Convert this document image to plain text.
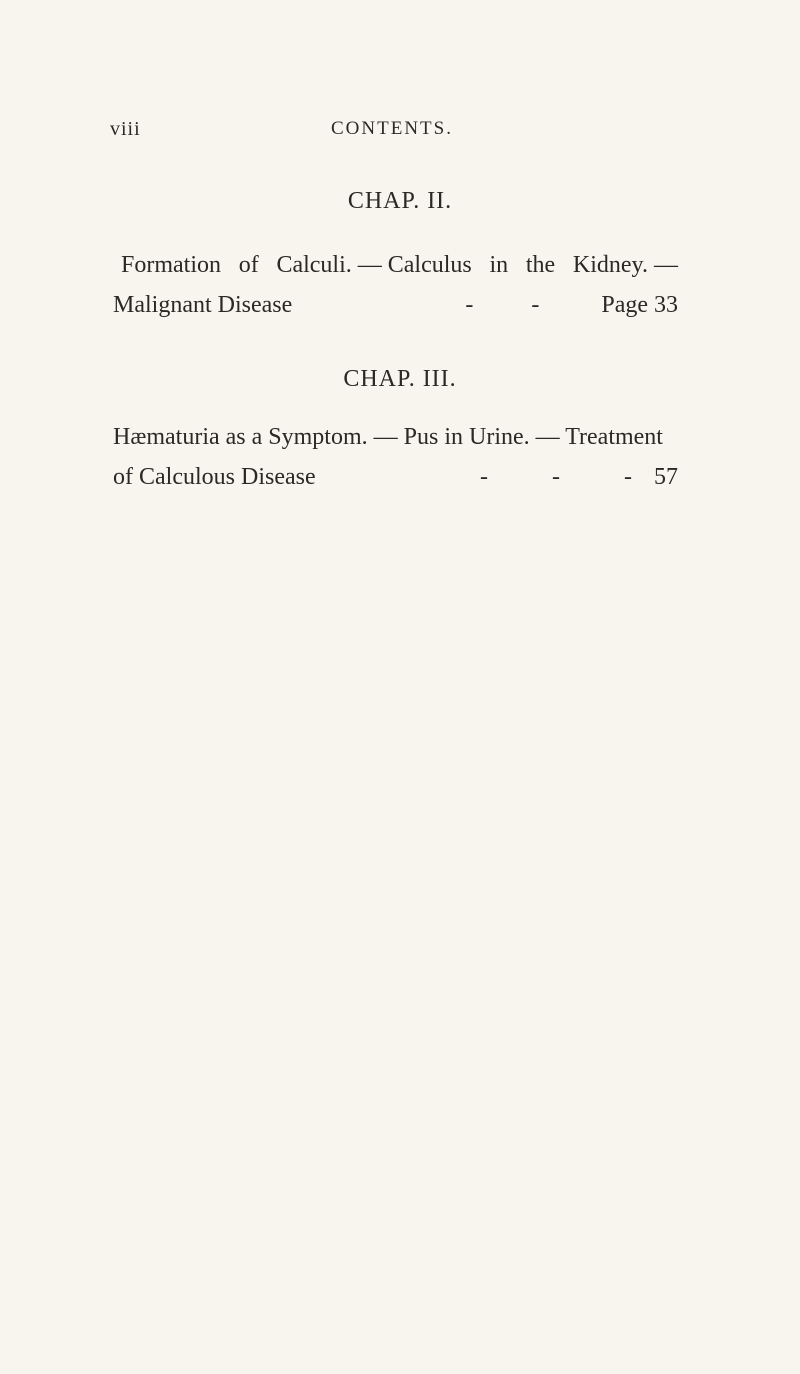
viii	CONTENTS.
CHAP. II.
Formation of Calculi. — Calculus in the Kidney. —
Malignant Disease	- -	Page 33
CHAP. III.
Hæmaturia as a Symptom. — Pus in Urine. — Treatment
of Calculous Disease	-	-	- 57
